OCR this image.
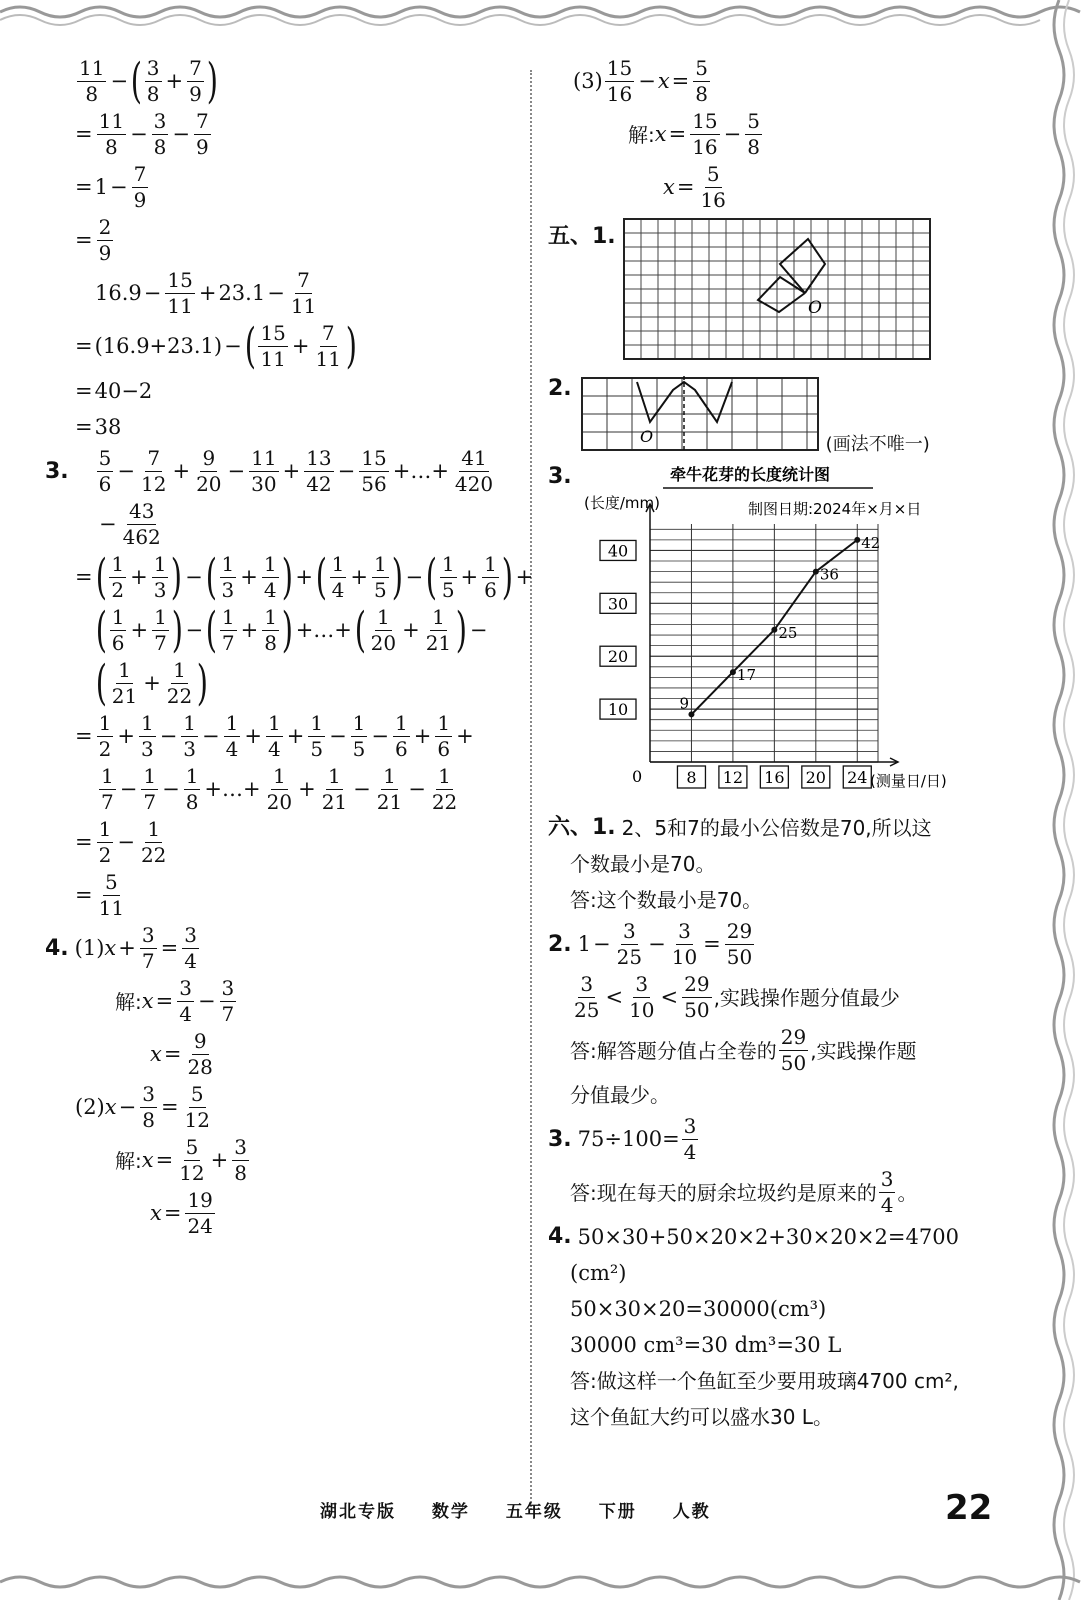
$\frac{11}{8}$ − ( $\frac{3}{8} + \frac{7}{9}$ )
= $\frac{11}{8} - \frac{3}{8} - \frac{7}{9}$
= $1 - \frac{7}{9}$
= $\frac{2}{9}$
$16.9 - \frac{15}{11} + 23.1 - \frac{7}{11}$
= (16.9+23.1) − ( $\frac{15}{11} + \frac{7}{11}$ )
= 40−2
= 38
3. $\frac{5}{6} - \frac{7}{12} + \frac{9}{20} - \frac{11}{30} + \frac{13}{42} - \frac{15}{56}$ +…+ $\frac{41}{420}$
− $\frac{43}{462}$
= ( $\frac{1}{2} + \frac{1}{3}$ ) − ( $\frac{1}{3} + \frac{1}{4}$ ) + ( $\frac{1}{4} + \frac{1}{5}$ ) − ( $\frac{1}{5} + \frac{1}{6}$ ) +
( $\frac{1}{6} + \frac{1}{7}$ ) − ( $\frac{1}{7} + \frac{1}{8}$ ) +…+ ( $\frac{1}{20} + \frac{1}{21}$ ) −
( $\frac{1}{21} + \frac{1}{22}$ )
= $\frac{1}{2} + \frac{1}{3} - \frac{1}{3} - \frac{1}{4} + \frac{1}{4} + \frac{1}{5} - \frac{1}{5} - \frac{1}{6} + \frac{1}{6}$ +
$\frac{1}{7} - \frac{1}{7} - \frac{1}{8}$ +…+ $\frac{1}{20} + \frac{1}{21} - \frac{1}{21} - \frac{1}{22}$
= $\frac{1}{2} - \frac{1}{22}$
= $\frac{5}{11}$
4. (1) $x + \frac{3}{7} = \frac{3}{4}$
解: $x = \frac{3}{4} - \frac{3}{7}$
$x = \frac{9}{28}$
(2) $x - \frac{3}{8} = \frac{5}{12}$
解: $x = \frac{5}{12} + \frac{3}{8}$
$x = \frac{19}{24}$
$(3) \frac{15}{16} - x = \frac{5}{8}$
解: $x = \frac{15}{16} - \frac{5}{8}$
$x = \frac{5}{16}$
五、1.
O
2.
O	(画法不唯一)
3.	牵牛花芽的长度统计图
(长度/mm)	制图日期:2024年×月×日
10
20
30
40
8 12 16 20 24
9
17
25
36
42
0	(测量日/日)
六、1. 2、5和7的最小公倍数是70,所以这
个数最小是70。
答:这个数最小是70。
2. $1 - \frac{3}{25} - \frac{3}{10} = \frac{29}{50}$
$\frac{3}{25} < \frac{3}{10} < \frac{29}{50}$ ,实践操作题分值最少
答:解答题分值占全卷的 $\frac{29}{50}$ ,实践操作题
分值最少。
3. $75\div 100= \frac{3}{4}$
答:现在每天的厨余垃圾约是原来的 $\frac{3}{4}$ 。
4. 50×30+50×20×2+30×20×2=4700
(cm²)
50×30×20=30000(cm³)
30000 cm³=30 dm³=30 L
答:做这样一个鱼缸至少要用玻璃4700 cm²,
这个鱼缸大约可以盛水30 L。
湖北专版 数学 五年级 下册 人教	22
